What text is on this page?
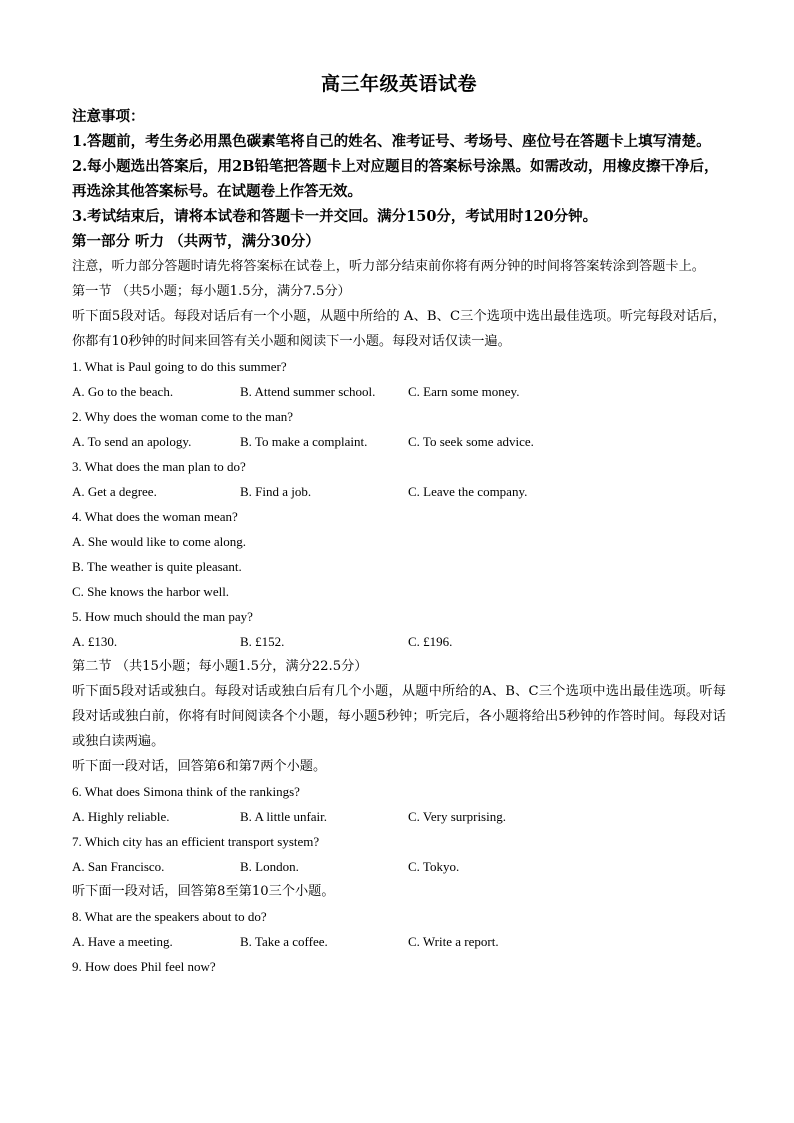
高三年级英语试卷
注意事项：
1.答题前，考生务必用黑色碳素笔将自己的姓名、准考证号、考场号、座位号在答题卡上填写清楚。
2.每小题选出答案后，用2B铅笔把答题卡上对应题目的答案标号涂黑。如需改动，用橡皮擦干净后，再选涂其他答案标号。在试题卷上作答无效。
3.考试结束后，请将本试卷和答题卡一并交回。满分150分，考试用时120分钟。
第一部分 听力 （共两节，满分30分）
注意，听力部分答题时请先将答案标在试卷上，听力部分结束前你将有两分钟的时间将答案转涂到答题卡上。
第一节 （共5小题；每小题1.5分，满分7.5分）
听下面5段对话。每段对话后有一个小题，从题中所给的 A、B、C三个选项中选出最佳选项。听完每段对话后，你都有10秒钟的时间来回答有关小题和阅读下一小题。每段对话仅读一遍。
1. What is Paul going to do this summer?
A. Go to the beach.	B. Attend summer school.	C. Earn some money.
2. Why does the woman come to the man?
A. To send an apology.	B. To make a complaint.	C. To seek some advice.
3. What does the man plan to do?
A. Get a degree.	B. Find a job.	C. Leave the company.
4. What does the woman mean?
A. She would like to come along.
B. The weather is quite pleasant.
C. She knows the harbor well.
5. How much should the man pay?
A. £130.	B. £152.	C. £196.
第二节 （共15小题；每小题1.5分，满分22.5分）
听下面5段对话或独白。每段对话或独白后有几个小题，从题中所给的A、B、C三个选项中选出最佳选项。听每段对话或独白前，你将有时间阅读各个小题，每小题5秒钟；听完后，各小题将给出5秒钟的作答时间。每段对话或独白读两遍。
听下面一段对话，回答第6和第7两个小题。
6. What does Simona think of the rankings?
A. Highly reliable.	B. A little unfair.	C. Very surprising.
7. Which city has an efficient transport system?
A. San Francisco.	B. London.	C. Tokyo.
听下面一段对话，回答第8至第10三个小题。
8. What are the speakers about to do?
A. Have a meeting.	B. Take a coffee.	C. Write a report.
9. How does Phil feel now?
